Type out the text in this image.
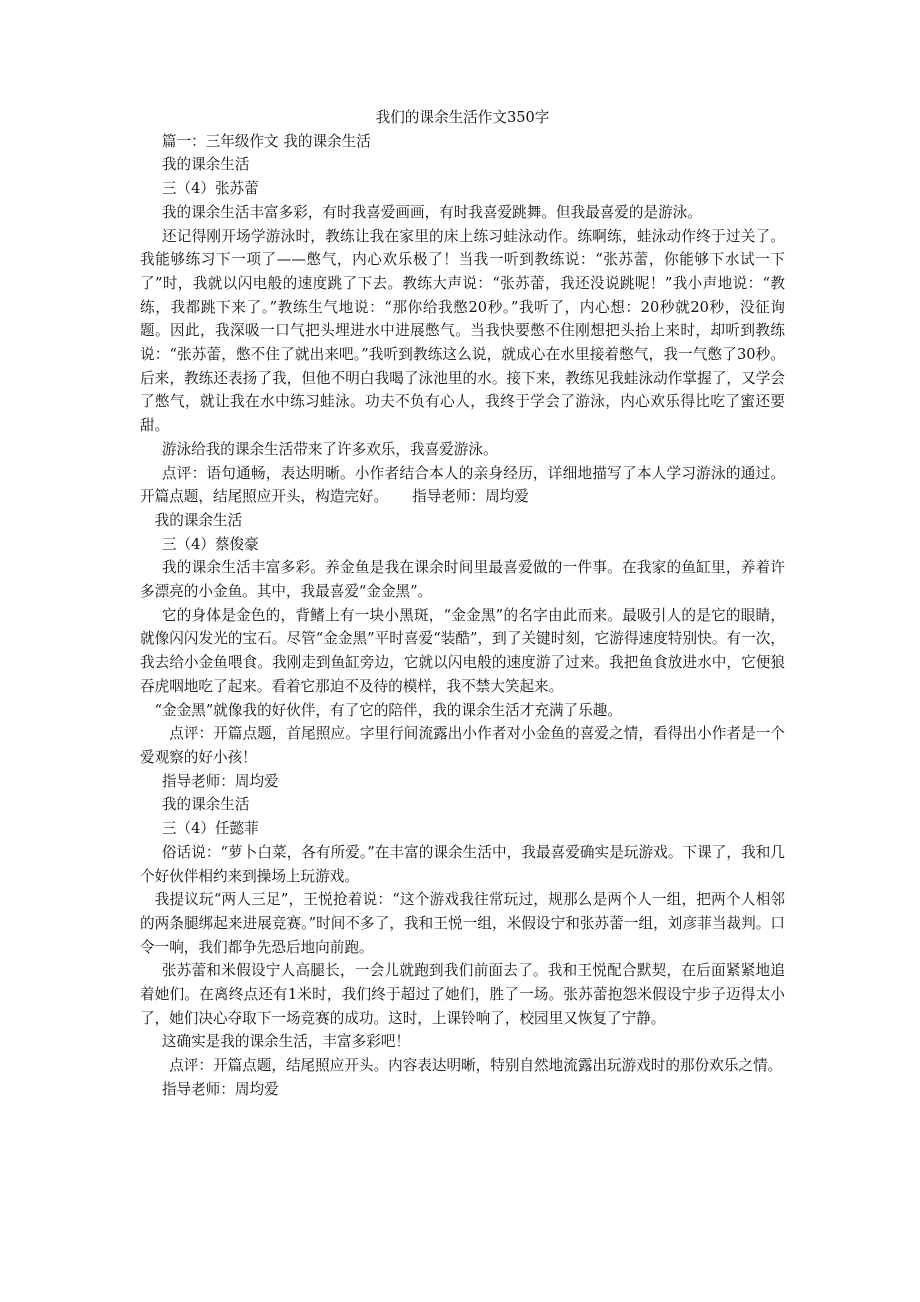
我们的课余生活作文350字

篇一：三年级作文 我的课余生活

我的课余生活

三（4）张苏蕾

我的课余生活丰富多彩，有时我喜爱画画，有时我喜爱跳舞。但我最喜爱的是游泳。

还记得刚开场学游泳时，教练让我在家里的床上练习蛙泳动作。练啊练，蛙泳动作终于过关了。我能够练习下一项了——憋气，内心欢乐极了！当我一听到教练说：“张苏蕾，你能够下水试一下了”时，我就以闪电般的速度跳了下去。教练大声说：“张苏蕾，我还没说跳呢！”我小声地说：“教练，我都跳下来了。”教练生气地说：“那你给我憋20秒。”我听了，内心想：20秒就20秒，没征询题。因此，我深吸一口气把头埋进水中进展憋气。当我快要憋不住刚想把头抬上来时，却听到教练说：“张苏蕾，憋不住了就出来吧。”我听到教练这么说，就成心在水里接着憋气，我一气憋了30秒。后来，教练还表扬了我，但他不明白我喝了泳池里的水。接下来，教练见我蛙泳动作掌握了，又学会了憋气，就让我在水中练习蛙泳。功夫不负有心人，我终于学会了游泳，内心欢乐得比吃了蜜还要甜。

游泳给我的课余生活带来了许多欢乐，我喜爱游泳。

点评：语句通畅，表达明晰。小作者结合本人的亲身经历，详细地描写了本人学习游泳的通过。开篇点题，结尾照应开头，构造完好。 指导老师：周均爱

我的课余生活

三（4）蔡俊豪

我的课余生活丰富多彩。养金鱼是我在课余时间里最喜爱做的一件事。在我家的鱼缸里，养着许多漂亮的小金鱼。其中，我最喜爱“金金黑”。

它的身体是金色的，背鳍上有一块小黑斑，“金金黑”的名字由此而来。最吸引人的是它的眼睛，就像闪闪发光的宝石。尽管“金金黑”平时喜爱“装酷”，到了关键时刻，它游得速度特别快。有一次，我去给小金鱼喂食。我刚走到鱼缸旁边，它就以闪电般的速度游了过来。我把鱼食放进水中，它便狼吞虎咽地吃了起来。看着它那迫不及待的模样，我不禁大笑起来。

“金金黑”就像我的好伙伴，有了它的陪伴，我的课余生活才充满了乐趣。

点评：开篇点题，首尾照应。字里行间流露出小作者对小金鱼的喜爱之情，看得出小作者是一个爱观察的好小孩！

指导老师：周均爱

我的课余生活

三（4）任懿菲

俗话说：“萝卜白菜，各有所爱。”在丰富的课余生活中，我最喜爱确实是玩游戏。下课了，我和几个好伙伴相约来到操场上玩游戏。

我提议玩“两人三足”，王悦抢着说：“这个游戏我往常玩过，规那么是两个人一组，把两个人相邻的两条腿绑起来进展竞赛。”时间不多了，我和王悦一组，米假设宁和张苏蕾一组，刘彦菲当裁判。口令一响，我们都争先恐后地向前跑。

张苏蕾和米假设宁人高腿长，一会儿就跑到我们前面去了。我和王悦配合默契，在后面紧紧地追着她们。在离终点还有1米时，我们终于超过了她们，胜了一场。张苏蕾抱怨米假设宁步子迈得太小了，她们决心夺取下一场竞赛的成功。这时，上课铃响了，校园里又恢复了宁静。

这确实是我的课余生活，丰富多彩吧！

点评：开篇点题，结尾照应开头。内容表达明晰，特别自然地流露出玩游戏时的那份欢乐之情。

指导老师：周均爱
